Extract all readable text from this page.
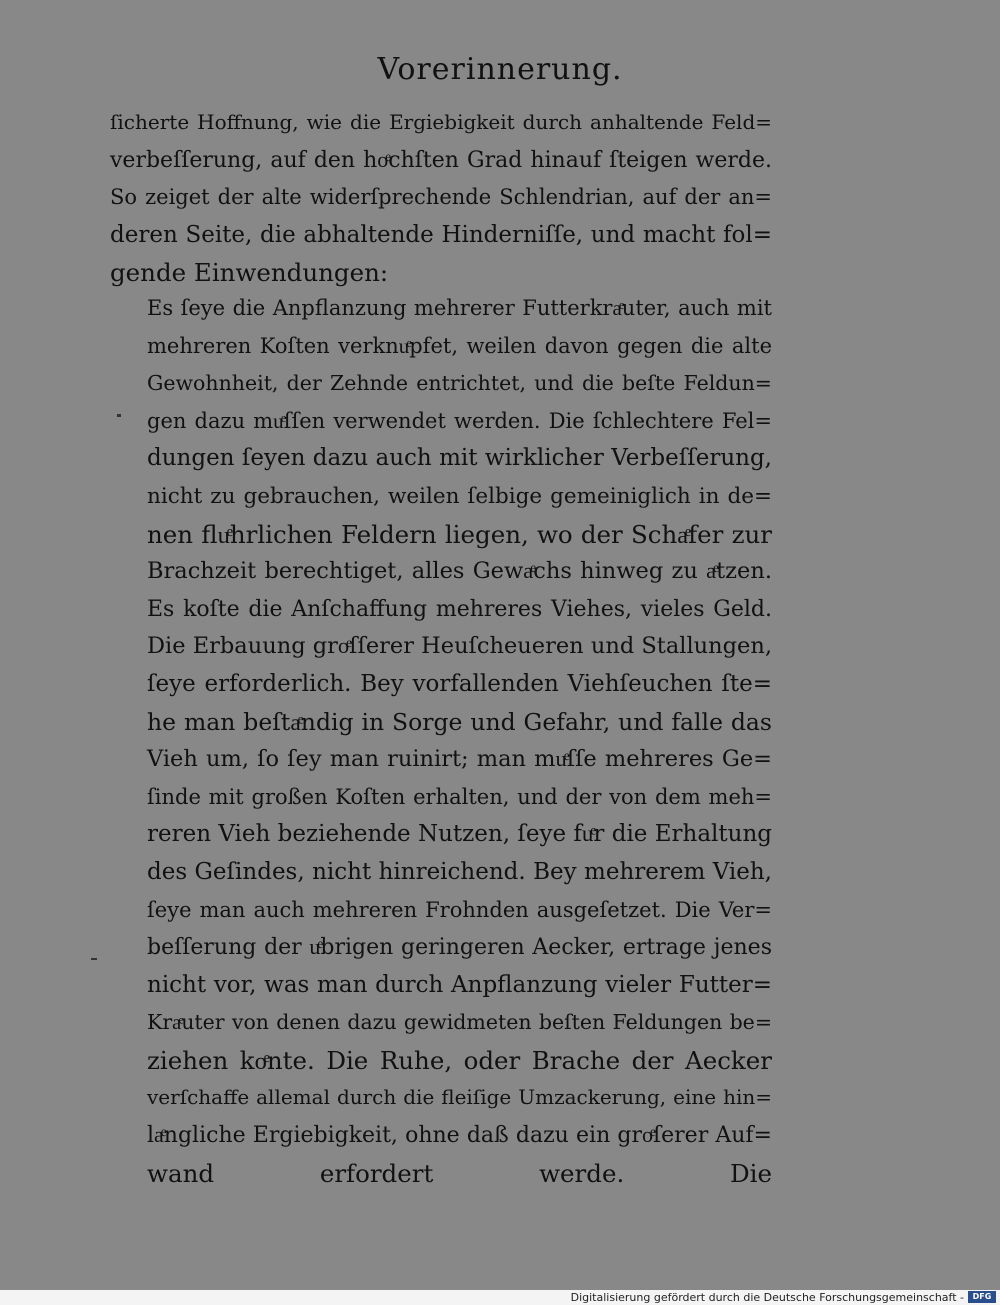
Vorerinnerung.
ſicherte Hoffnung, wie die Ergiebigkeit durch anhaltende Feld=
verbeſſerung, auf den hoͤchſten Grad hinauf ſteigen werde.
So zeiget der alte widerſprechende Schlendrian, auf der an=
deren Seite, die abhaltende Hinderniſſe, und macht fol=
gende Einwendungen:
Es ſeye die Anpflanzung mehrerer Futterkraͤuter, auch mit
mehreren Koſten verknuͤpfet, weilen davon gegen die alte
Gewohnheit, der Zehnde entrichtet, und die beſte Feldun=
gen dazu muͤſſen verwendet werden. Die ſchlechtere Fel=
dungen ſeyen dazu auch mit wirklicher Verbeſſerung,
nicht zu gebrauchen, weilen ſelbige gemeiniglich in de=
nen fluͤhrlichen Feldern liegen, wo der Schaͤfer zur
Brachzeit berechtiget, alles Gewaͤchs hinweg zu aͤtzen.
Es koſte die Anſchaffung mehreres Viehes, vieles Geld.
Die Erbauung groͤſſerer Heuſcheueren und Stallungen,
ſeye erforderlich. Bey vorfallenden Viehſeuchen ſte=
he man beſtaͤndig in Sorge und Gefahr, und falle das
Vieh um, ſo ſey man ruinirt; man muͤſſe mehreres Ge=
ſinde mit großen Koſten erhalten, und der von dem meh=
reren Vieh beziehende Nutzen, ſeye fuͤr die Erhaltung
des Geſindes, nicht hinreichend. Bey mehrerem Vieh,
ſeye man auch mehreren Frohnden ausgeſetzet. Die Ver=
beſſerung der uͤbrigen geringeren Aecker, ertrage jenes
nicht vor, was man durch Anpflanzung vieler Futter=
Kraͤuter von denen dazu gewidmeten beſten Feldungen be=
ziehen koͤnte. Die Ruhe, oder Brache der Aecker
verſchaffe allemal durch die fleiſige Umzackerung, eine hin=
laͤngliche Ergiebigkeit, ohne daß dazu ein groͤſerer Auf=
wand erfordert werde.	Die
Digitalisierung gefördert durch die Deutsche Forschungsgemeinschaft -	DFG
